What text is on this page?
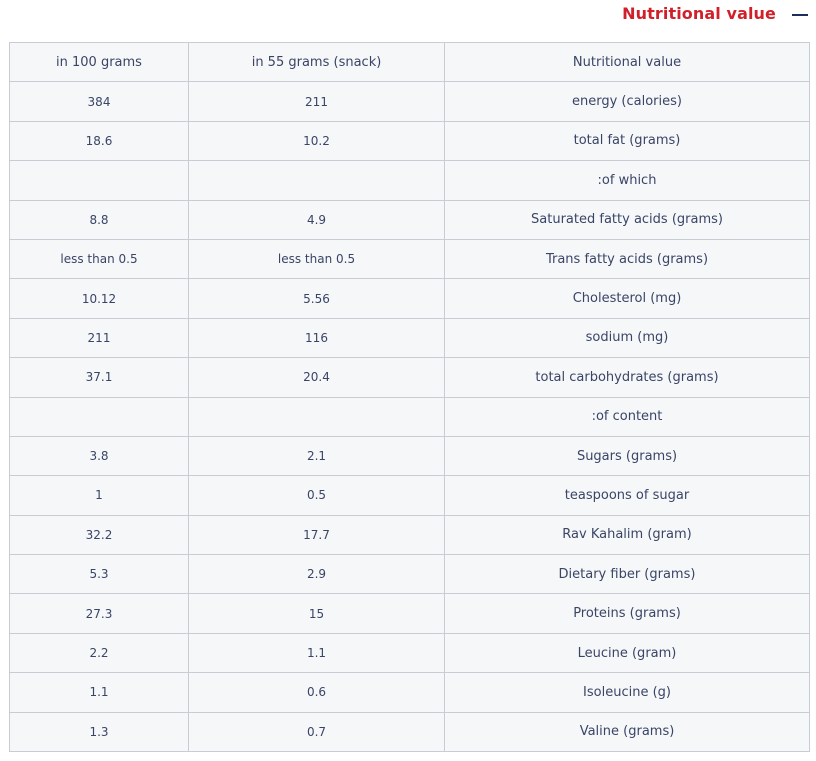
Nutritional value
in 100 grams	in 55 grams (snack)	Nutritional value
384	211	energy (calories)
18.6	10.2	total fat (grams)
		:of which
8.8	4.9	Saturated fatty acids (grams)
less than 0.5	less than 0.5	Trans fatty acids (grams)
10.12	5.56	Cholesterol (mg)
211	116	sodium (mg)
37.1	20.4	total carbohydrates (grams)
		:of content
3.8	2.1	Sugars (grams)
1	0.5	teaspoons of sugar
32.2	17.7	Rav Kahalim (gram)
5.3	2.9	Dietary fiber (grams)
27.3	15	Proteins (grams)
2.2	1.1	Leucine (gram)
1.1	0.6	Isoleucine (g)
1.3	0.7	Valine (grams)
